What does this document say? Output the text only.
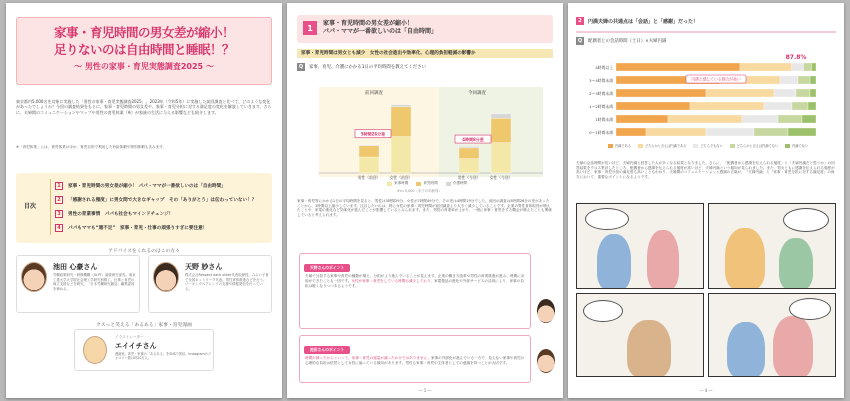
家事・育児時間の男女差が縮小！
足りないのは自由時間と睡眠！？
〜 男性の家事・育児実態調査2025 〜

東京都内5,000名を対象に実施した「男性の家事・育児実態調査2025」。2023年（令和5年）に実施した前回調査と比べて、どのような変化があったでしょうか？今回の調査結果をもとに、家事・育児時間の男女差や、家事・育児分担に対する満足度の変化を解説していきます。さらに、夫婦間のコミュニケーションやマップや男性の育児休業（※）が家族の生活に与える影響なども紹介します。

※「育児休業」には、育児休業のほか、育児目的で利用した有給休暇や特別休暇も含みます。

目次
1	家事・育児時間の男女差が縮小！ パパ・ママが一番欲しいのは「自由時間」
2	「感謝される頻度」に男女間で大きなギャップ　その「ありがとう」は伝わっていない！？
3	男性の育業事情　パパも社会もマインドチェンジ！
4	パパもママも“週不足”　家事・育児・仕事の頑張りすぎに要注意！
アドバイスをくれるのはこの方々
池田 心豪さん
労働政策研究・研修機構（JILPT）調査研究部長。東京工業大学大学院社会理工学研究科修了。仕事と育児の両立支援などを研究。「日本労働研究雑誌」編集委員を務める。
天野 妙さん
株式会社Respect each other代表取締役。みらい子育て全国ネットワーク代表。男性育休推進などを行う。ワーキングペアレンツの支援や情報発信を行っている。
クスっと笑える「あるある」家事・育児漫画
イラストレーター
エイイチさん
漫画家。育児・家事の「あるある」をSNSで発信。Instagramのフォロワー数は約20万人。
1	家事・育児時間の男女差が縮小！
パパ・ママが一番欲しいのは「自由時間」
家事・育児時間は男女とも減少　女性の社会進出や効率化、心理的負担軽減の影響か
Q	家事、育児、介護にかかる1日の平均時間を教えてください
前回調査	今回調査
男性（前回） 女性（前回）	男性（今回） 女性（今回）
5時間26分差
4時間8分差
家事時間	育児時間	介護時間
※n=5,000（未子の年齢別）

家事・育児等にかかる1日の平均時間を見ると、男性は3時間29分、女性が7時間49分で、その差は4時間19分でした。前回の調査は5時間26分の差があったことから、1時間以上縮小しています。注目したいのは、特に女性の家事・育児時間が前回調査より大きく減少していることです。企業の男性育休取得が増えたことや、家電の進化など効率化が進んだことが影響しているとみられます。また、男性の育業率が上がり、一緒に家事・育児をする機会が増えたことも関係していると考えられます。

天野さんのポイント
夫婦で分担する家事や育児の種類が増え、分担がより進んでいることが見えます。企業の働き方改革や男性の育業推進が進み、時間に余裕ができたことも一因です。女性が家事・育児をしている時間も減少しており、家電製品の進化や外部サービスの活用により、家事の負担は軽くなりつつあるようです。
池田さんのポイント
時間が減ったからといって、家事・育児の総量が減ったわけではありません。家事の外部化が進んでいる一方で、見えない家事や育児の心理的な負担は依然として女性に偏っている傾向があります。男性も家事・育児の主体者としての意識を持つことが大切です。
― 1 ―
2	円満夫婦の共通点は「会話」と「感謝」だった！
Q	配偶者との会話時間（土日）×夫婦円満
4時間以上
3〜4時間未満
2〜3時間未満
1〜2時間未満
1時間未満
0〜1時間未満
87.8%
円満と感じている割合が高い
円満である	どちらかと言えば円満である	どちらでもない	どちらかと言えば円満でない	円満でない

夫婦の会話時間が長いほど、夫婦円満と回答した人が多くなる結果となりました。さらに、「配偶者から感謝を伝えられる頻度」と「夫婦円満だと思うか」の回答結果をクロス集計したところ、配偶者から感謝を伝えられる頻度が高いほど、夫婦円満という傾向が見られました。また、男女ともに感謝を伝えられる頻度が高いほど、家事・育児分担の満足度も高いこともわかり、夫婦間のコミュニケーションと感謝の言葉が、「夫婦円満」と「家事・育児分担に対する満足度」の両方において、重要なポイントになるようです。

― 4 ―
